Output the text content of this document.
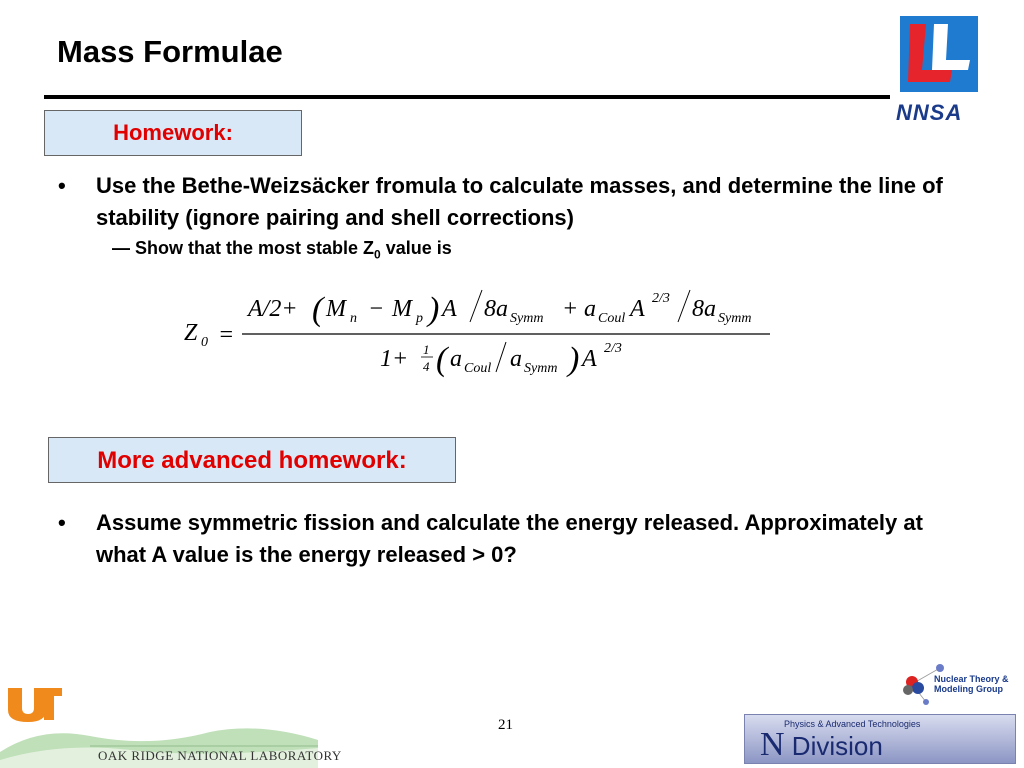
Mass Formulae
NNSA
Homework:
• Use the Bethe-Weizsäcker fromula to calculate masses, and determine the line of stability (ignore pairing and shell corrections)
— Show that the most stable $Z_0$ value is
Z 0 =
A/2+ ( M n − M p ) A 8a Symm + a Coul A 2/3 8a Symm
1+ 1
4 ( a Coul a Symm ) A 2/3
More advanced homework:
• Assume symmetric fission and calculate the energy released. Approximately at what A value is the energy released > 0?
OAK RIDGE NATIONAL LABORATORY
21
Nuclear Theory &
Modeling Group
Physics & Advanced Technologies
N Division
